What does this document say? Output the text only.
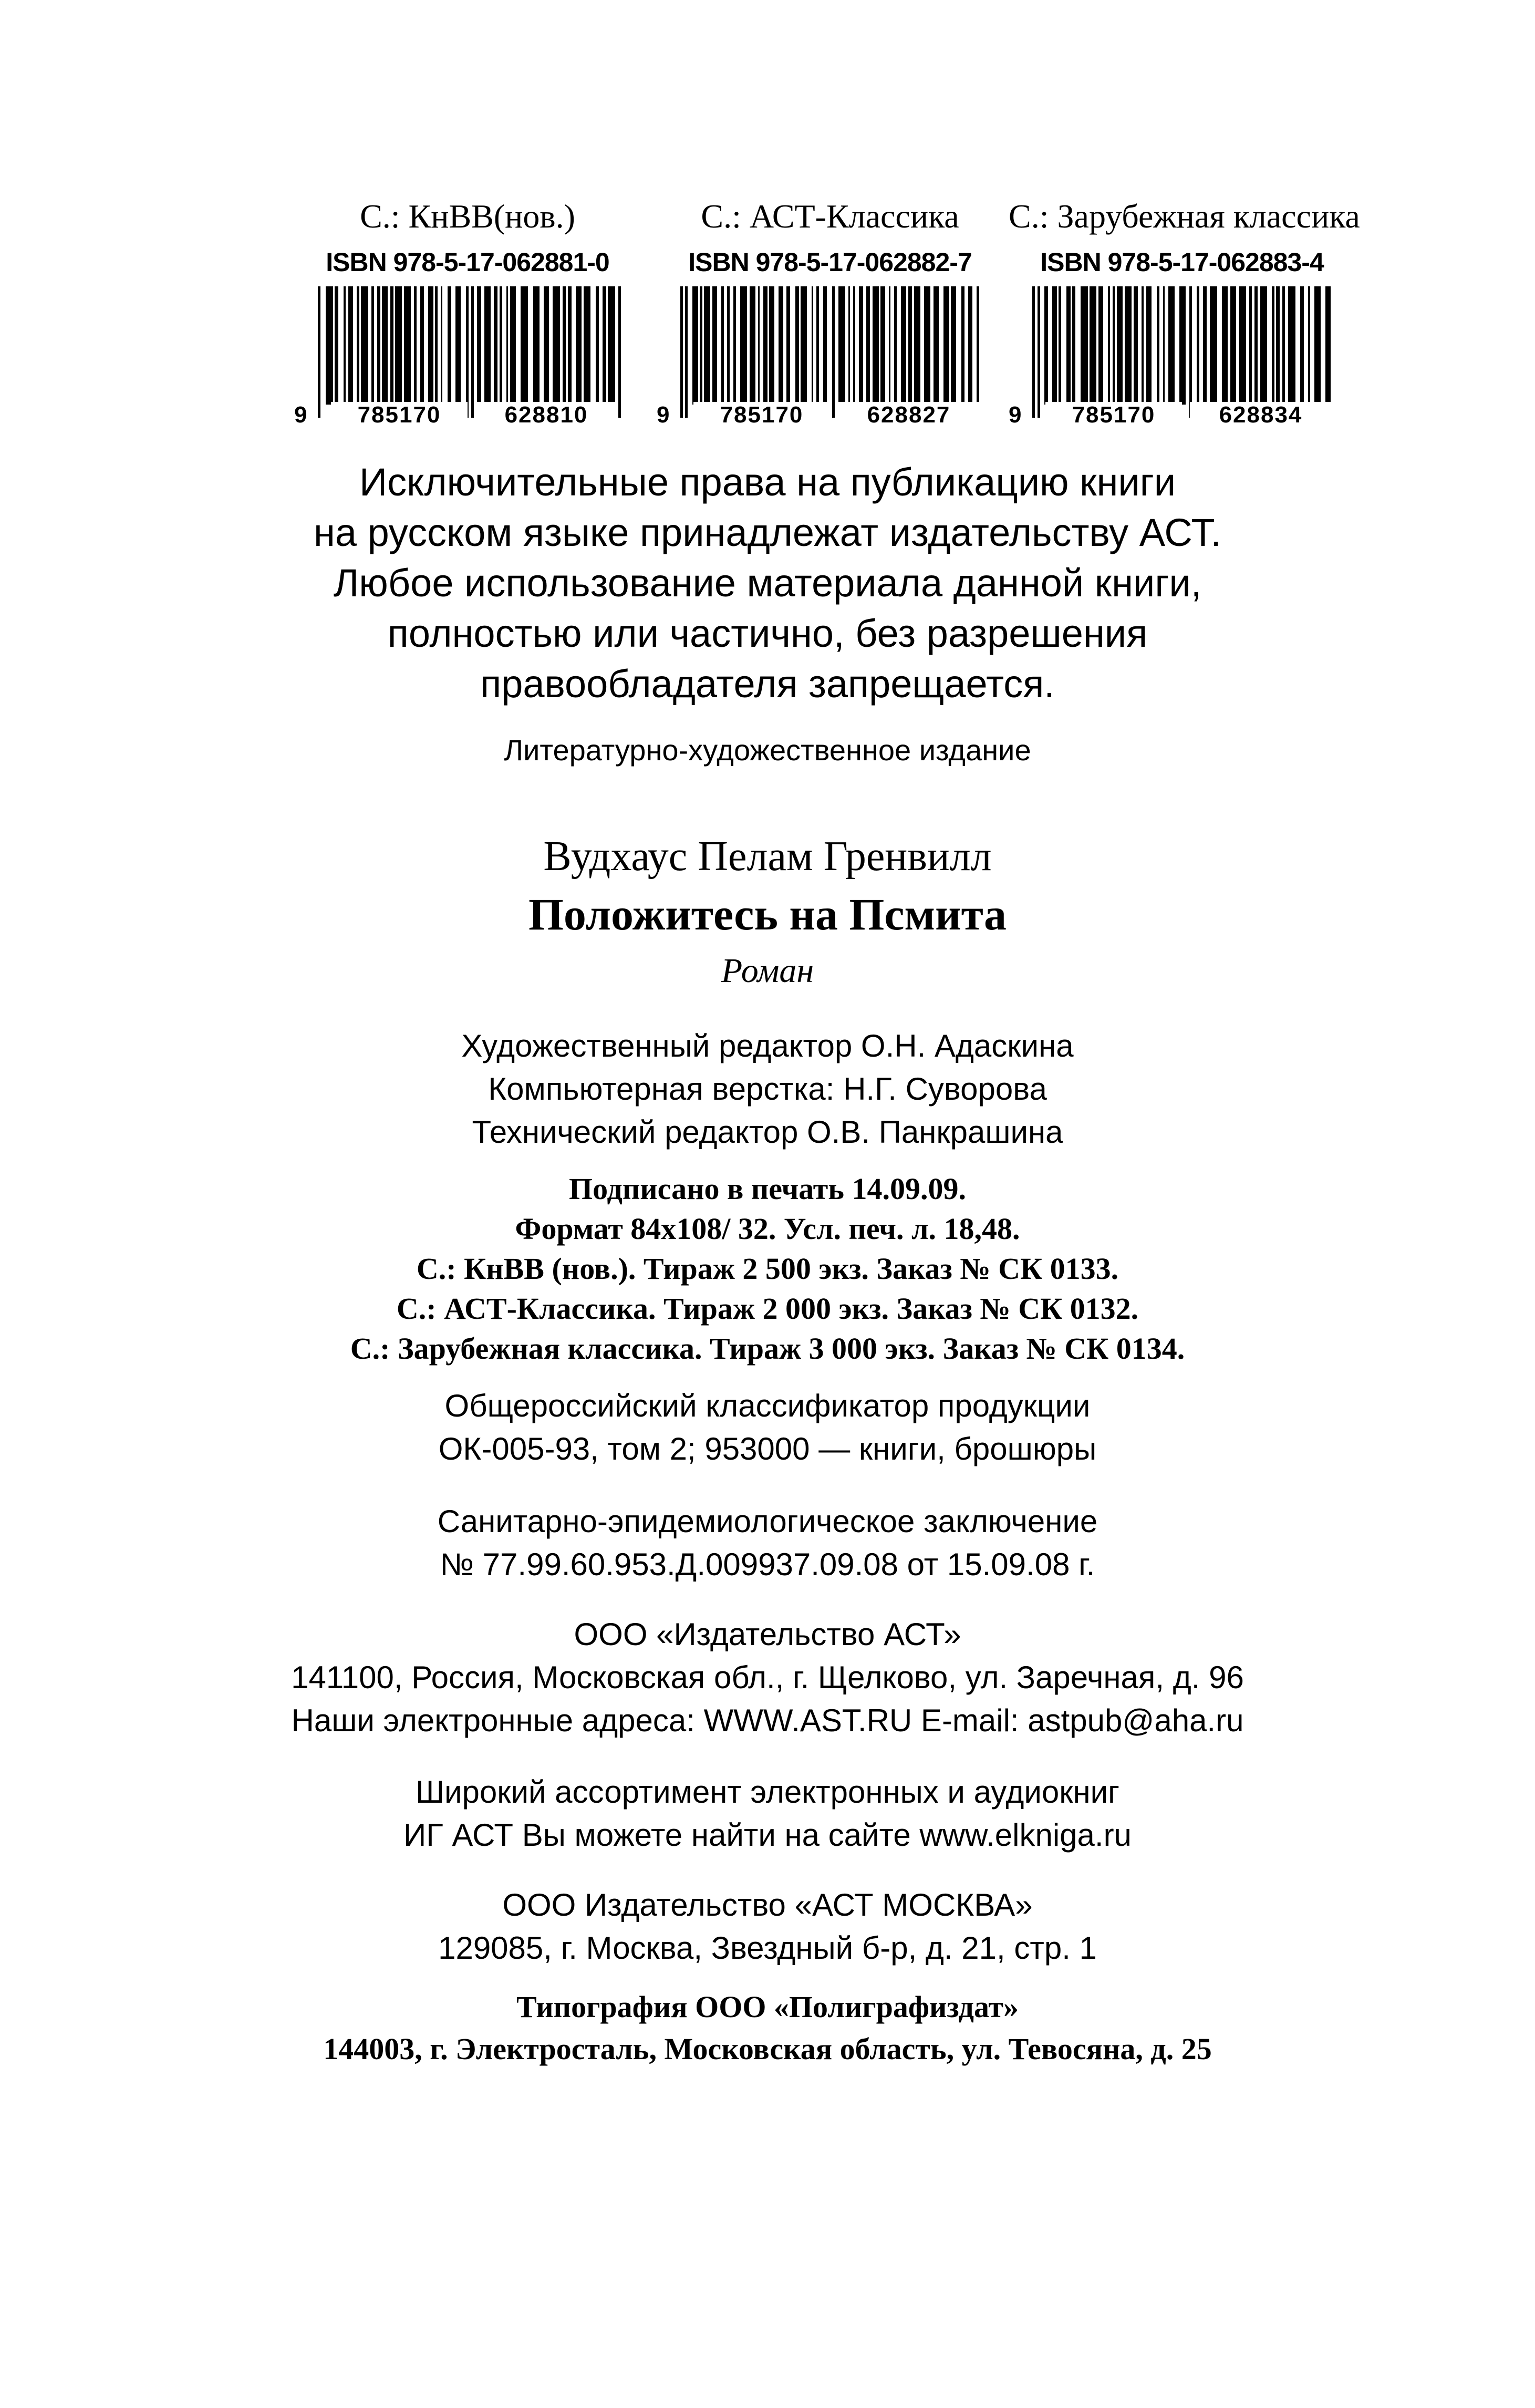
С.: КнВВ(нов.)
ISBN 978-5-17-062881-0
9	785170	628810
С.: АСТ-Классика
ISBN 978-5-17-062882-7
9	785170	628827
С.: Зарубежная классика
ISBN 978-5-17-062883-4
9	785170	628834
Исключительные права на публикацию книги
на русском языке принадлежат издательству АСТ.
Любое использование материала данной книги,
полностью или частично, без разрешения
правообладателя запрещается.
Литературно-художественное издание
Вудхаус Пелам Гренвилл
Положитесь на Псмита
Роман
Художественный редактор О.Н. Адаскина
Компьютерная верстка: Н.Г. Суворова
Технический редактор О.В. Панкрашина
Подписано в печать 14.09.09.
Формат 84х108/ 32. Усл. печ. л. 18,48.
С.: КнВВ (нов.). Тираж 2 500 экз. Заказ № СК 0133.
С.: АСТ-Классика. Тираж 2 000 экз. Заказ № СК 0132.
С.: Зарубежная классика. Тираж 3 000 экз. Заказ № СК 0134.
Общероссийский классификатор продукции
ОК-005-93, том 2; 953000 — книги, брошюры
Санитарно-эпидемиологическое заключение
№ 77.99.60.953.Д.009937.09.08 от 15.09.08 г.
ООО «Издательство АСТ»
141100, Россия, Московская обл., г. Щелково, ул. Заречная, д. 96
Наши электронные адреса: WWW.AST.RU E-mail: astpub@aha.ru
Широкий ассортимент электронных и аудиокниг
ИГ АСТ Вы можете найти на сайте www.elkniga.ru
ООО Издательство «АСТ МОСКВА»
129085, г. Москва, Звездный б-р, д. 21, стр. 1
Типография ООО «Полиграфиздат»
144003, г. Электросталь, Московская область, ул. Тевосяна, д. 25
